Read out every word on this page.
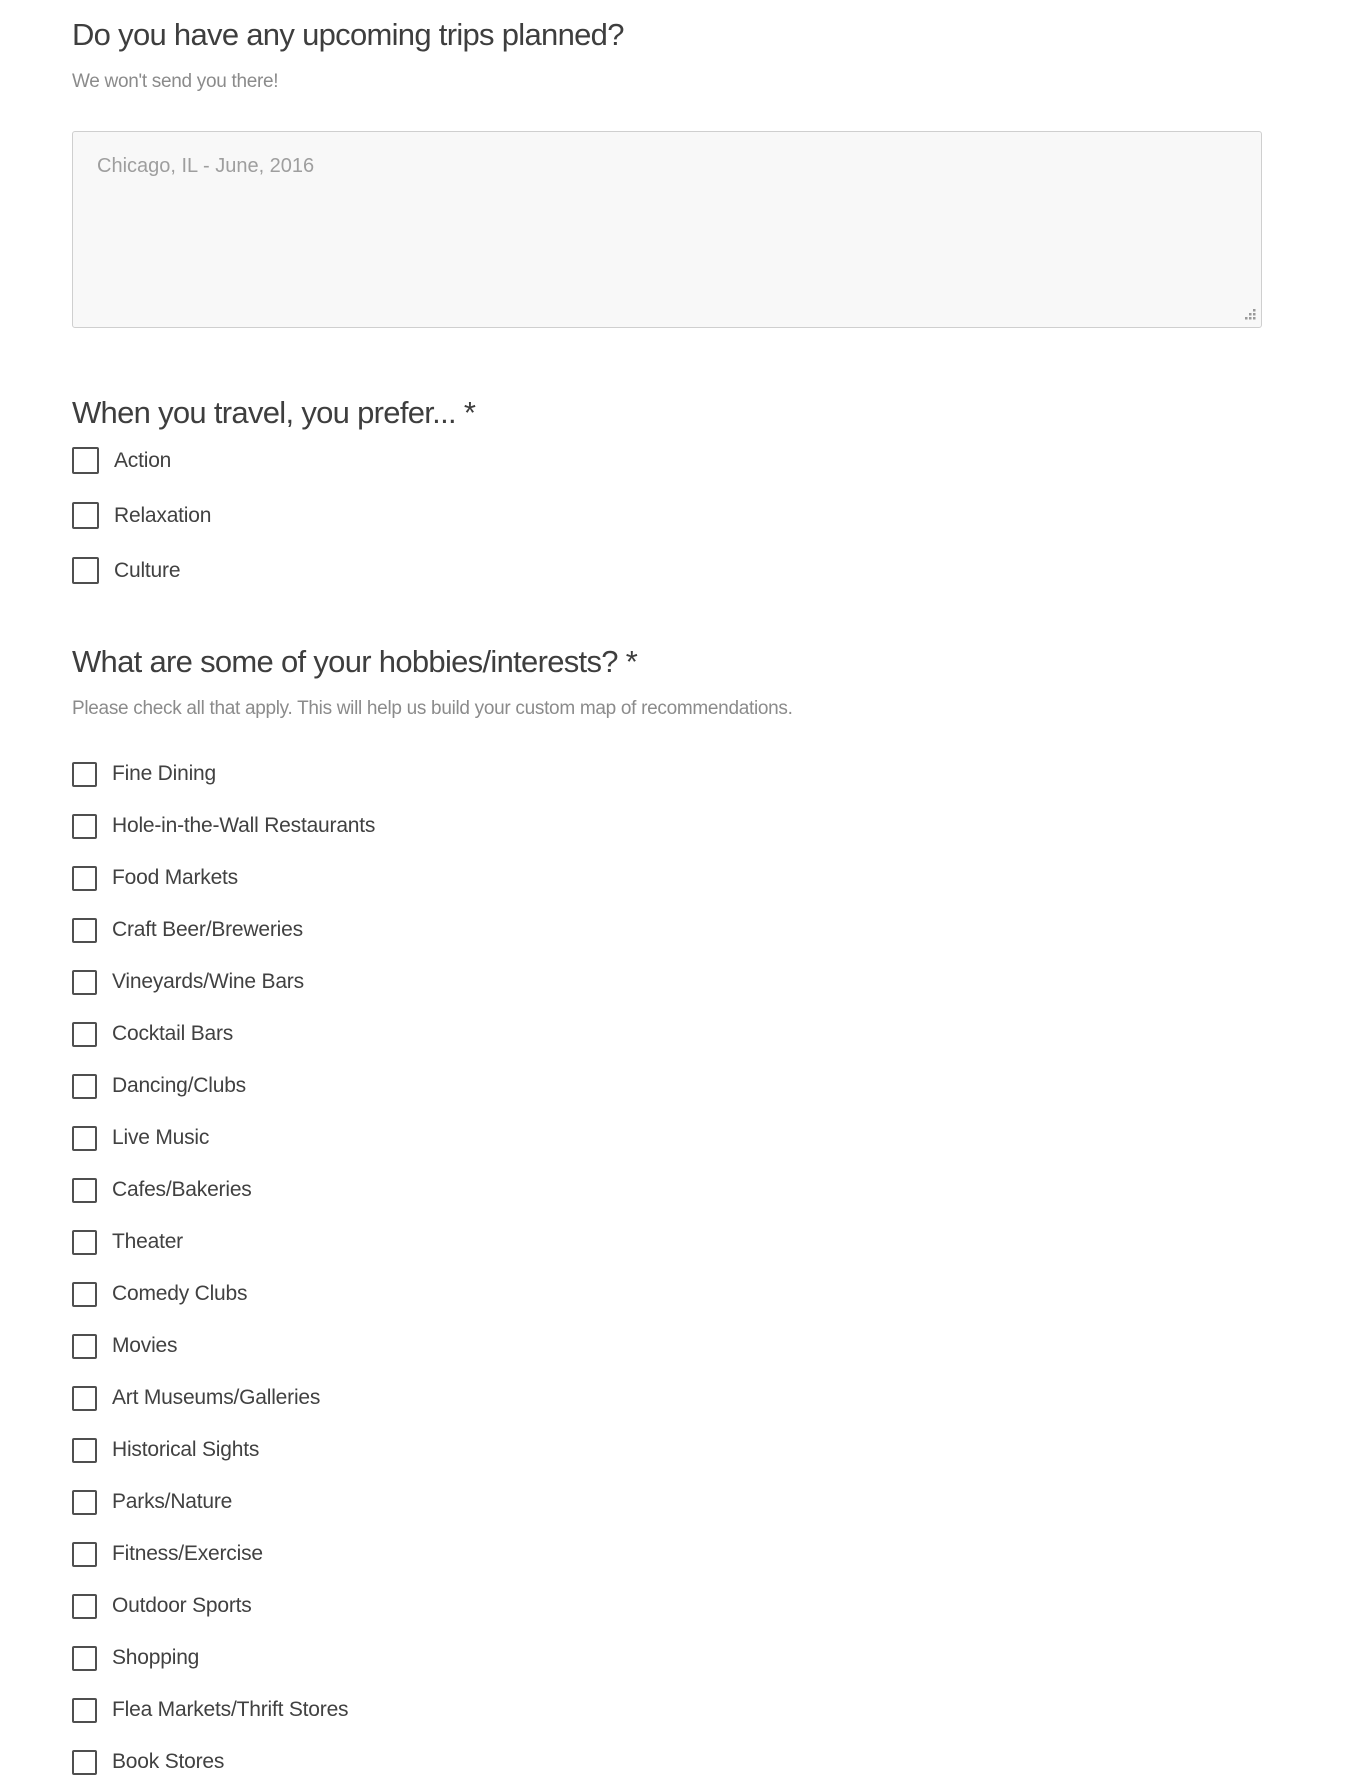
Do you have any upcoming trips planned?

We won't send you there!

Chicago, IL - June, 2016
When you travel, you prefer... *
Action
Relaxation
Culture
What are some of your hobbies/interests? *

Please check all that apply. This will help us build your custom map of recommendations.

Fine Dining
Hole-in-the-Wall Restaurants
Food Markets
Craft Beer/Breweries
Vineyards/Wine Bars
Cocktail Bars
Dancing/Clubs
Live Music
Cafes/Bakeries
Theater
Comedy Clubs
Movies
Art Museums/Galleries
Historical Sights
Parks/Nature
Fitness/Exercise
Outdoor Sports
Shopping
Flea Markets/Thrift Stores
Book Stores
